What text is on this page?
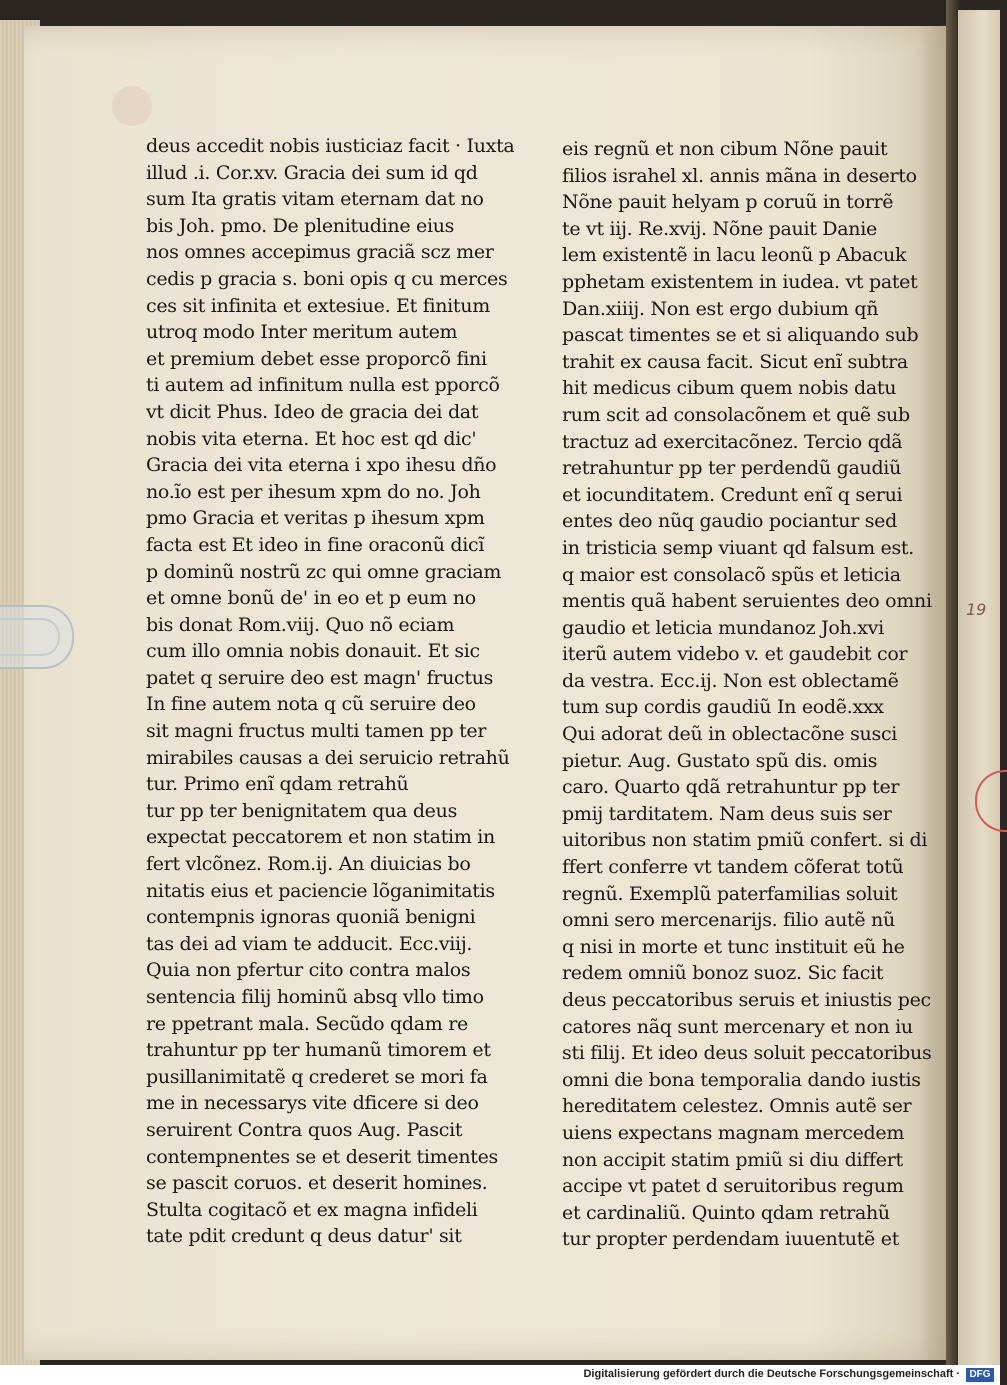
deus accedit nobis iusticiaz facit · Iuxta
illud .i. Cor.xv. Gracia dei sum id qd
sum Ita gratis vitam eternam dat no
bis Joh. pmo. De plenitudine eius
nos omnes accepimus graciã scz mer
cedis p gracia s. boni opis q cu merces
ces sit infinita et extesiue. Et finitum
utroq modo Inter meritum autem
et premium debet esse proporcõ fini
ti autem ad infinitum nulla est pporcõ
vt dicit Phus. Ideo de gracia dei dat
nobis vita eterna. Et hoc est qd dic'
Gracia dei vita eterna i xpo ihesu dño
no.ĩo est per ihesum xpm do no. Joh
pmo Gracia et veritas p ihesum xpm
facta est Et ideo in fine oraconũ dicĩ
p dominũ nostrũ zc qui omne graciam
et omne bonũ de' in eo et p eum no
bis donat Rom.viij. Quo nõ eciam
cum illo omnia nobis donauit. Et sic
patet q seruire deo est magn' fructus
In fine autem nota q cũ seruire deo
sit magni fructus multi tamen pp ter
mirabiles causas a dei seruicio retrahũ
tur. Primo enĩ qdam retrahũ
tur pp ter benignitatem qua deus
expectat peccatorem et non statim in
fert vlcõnez. Rom.ij. An diuicias bo
nitatis eius et paciencie lõganimitatis
contempnis ignoras quoniã benigni
tas dei ad viam te adducit. Ecc.viij.
Quia non pfertur cito contra malos
sentencia filij hominũ absq vllo timo
re ppetrant mala. Secũdo qdam re
trahuntur pp ter humanũ timorem et
pusillanimitatẽ q crederet se mori fa
me in necessarys vite dficere si deo
seruirent Contra quos Aug. Pascit
contempnentes se et deserit timentes
se pascit coruos. et deserit homines.
Stulta cogitacõ et ex magna infideli
tate pdit credunt q deus datur' sit
eis regnũ et non cibum Nõne pauit
filios israhel xl. annis mãna in deserto
Nõne pauit helyam p coruũ in torrẽ
te vt iij. Re.xvij. Nõne pauit Danie
lem existentẽ in lacu leonũ p Abacuk
pphetam existentem in iudea. vt patet
Dan.xiiij. Non est ergo dubium qñ
pascat timentes se et si aliquando sub
trahit ex causa facit. Sicut enĩ subtra
hit medicus cibum quem nobis datu
rum scit ad consolacõnem et quẽ sub
tractuz ad exercitacõnez. Tercio qdã
retrahuntur pp ter perdendũ gaudiũ
et iocunditatem. Credunt enĩ q serui
entes deo nũq gaudio pociantur sed
in tristicia semp viuant qd falsum est.
q maior est consolacõ spũs et leticia
mentis quã habent seruientes deo omni
gaudio et leticia mundanoz Joh.xvi
iterũ autem videbo v. et gaudebit cor
da vestra. Ecc.ij. Non est oblectamẽ
tum sup cordis gaudiũ In eodẽ.xxx
Qui adorat deũ in oblectacõne susci
pietur. Aug. Gustato spũ dis. omis
caro. Quarto qdã retrahuntur pp ter
pmij tarditatem. Nam deus suis ser
uitoribus non statim pmiũ confert. si di
ffert conferre vt tandem cõferat totũ
regnũ. Exemplũ paterfamilias soluit
omni sero mercenarijs. filio autẽ nũ
q nisi in morte et tunc instituit eũ he
redem omniũ bonoz suoz. Sic facit
deus peccatoribus seruis et iniustis pec
catores nãq sunt mercenary et non iu
sti filij. Et ideo deus soluit peccatoribus
omni die bona temporalia dando iustis
hereditatem celestez. Omnis autẽ ser
uiens expectans magnam mercedem
non accipit statim pmiũ si diu differt
accipe vt patet d seruitoribus regum
et cardinaliũ. Quinto qdam retrahũ
tur propter perdendam iuuentutẽ et
19
Digitalisierung gefördert durch die Deutsche Forschungsgemeinschaft · DFG
